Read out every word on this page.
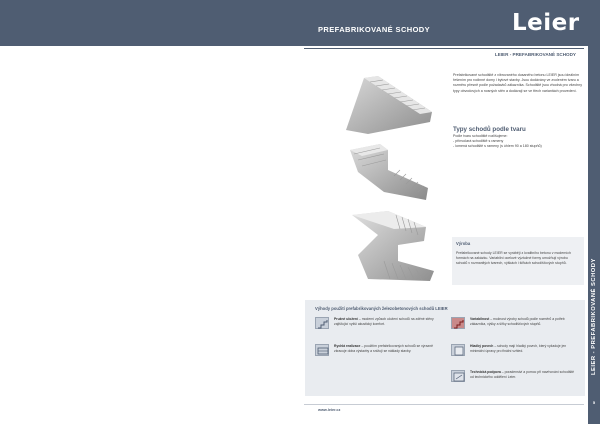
PREFABRIKOVANÉ SCHODY	Leier
LEIER - PREFABRIKOVANÉ SCHODY
5
LEIER - PREFABRIKOVANÉ SCHODY
Prefabrikované schodiště z vibrovaného dusaného betonu LEIER jsou ideálním řešením pro rodinné domy i bytové stavby. Jsou dodávány ve zvoleném tvaru a rozměru přesně podle požadavků zákazníka. Schodiště jsou vhodná pro všechny typy obvodových a nosných stěn a dodávají se ve třech variantách provedení.
Typy schodů podle tvaru
Podle tvaru schodiště rozlišujeme:
- přímočará schodiště s rameny
- lomená schodiště s rameny (s úhlem 90 a 180 stupňů)
Výroba
Prefabrikované schody LEIER se vyrábějí z kvalitního betonu v moderních formách na zakázku. Variabilní ocelové výztužné formy umožňují výrobu schodů v rozmanitých tvarech, výškách i šířkách schodišťových stupňů.
Výhody použití prefabrikovaných železobetonových schodů LEIER
Pružné uložení – moderní způsob uložení schodů na zděné stěny zajišťující vyšší akustický komfort.
Variabilnost – možnost výroby schodů podle rozměrů a potřeb zákazníka, výšky a šířky schodišťových stupňů.
Rychlá realizace – použitím prefabrikovaných schodů se výrazně zkracuje doba výstavby a snižují se náklady stavby.
Hladký povrch – schody mají hladký povrch, který vyžaduje jen minimální úpravy pro finální vzhled.
Technická podpora – poradenství a pomoc při navrhování schodiště od technického oddělení Leier.
www.leier.cz
